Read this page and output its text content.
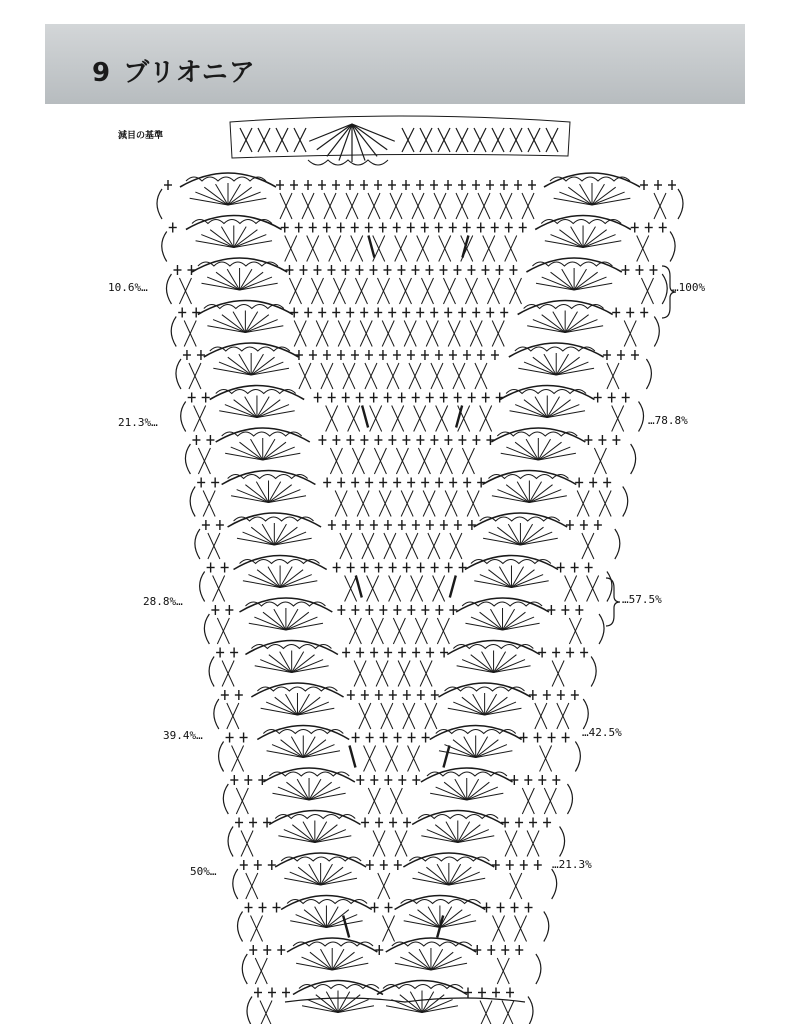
9 ブリオニア
減目の基準
10.6%…
21.3%…
28.8%…
39.4%…
50%…
…100%
…78.8%
…57.5%
…42.5%
…21.3%
